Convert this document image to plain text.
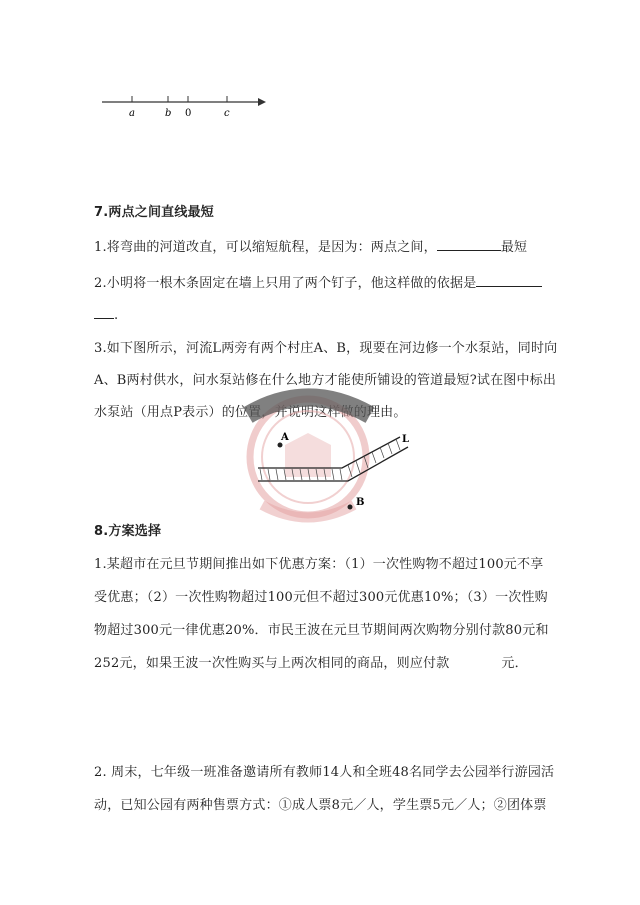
a	b 0	c
7.两点之间直线最短
1.将弯曲的河道改直，可以缩短航程，是因为：两点之间，	最短
2.小明将一根木条固定在墙上只用了两个钉子，他这样做的依据是
.
3.如下图所示，河流L两旁有两个村庄A、B，现要在河边修一个水泵站，同时向
A、B两村供水，问水泵站修在什么地方才能使所铺设的管道最短?试在图中标出
水泵站（用点P表示）的位置，并说明这样做的理由。
A	L
B
8.方案选择
1.某超市在元旦节期间推出如下优惠方案：（1）一次性购物不超过100元不享
受优惠；（2）一次性购物超过100元但不超过300元优惠10%；（3）一次性购
物超过300元一律优惠20%．市民王波在元旦节期间两次购物分别付款80元和
252元，如果王波一次性购买与上两次相同的商品，则应付款	元．
2. 周末，七年级一班准备邀请所有教师14人和全班48名同学去公园举行游园活
动，已知公园有两种售票方式：①成人票8元／人，学生票5元／人；②团体票
